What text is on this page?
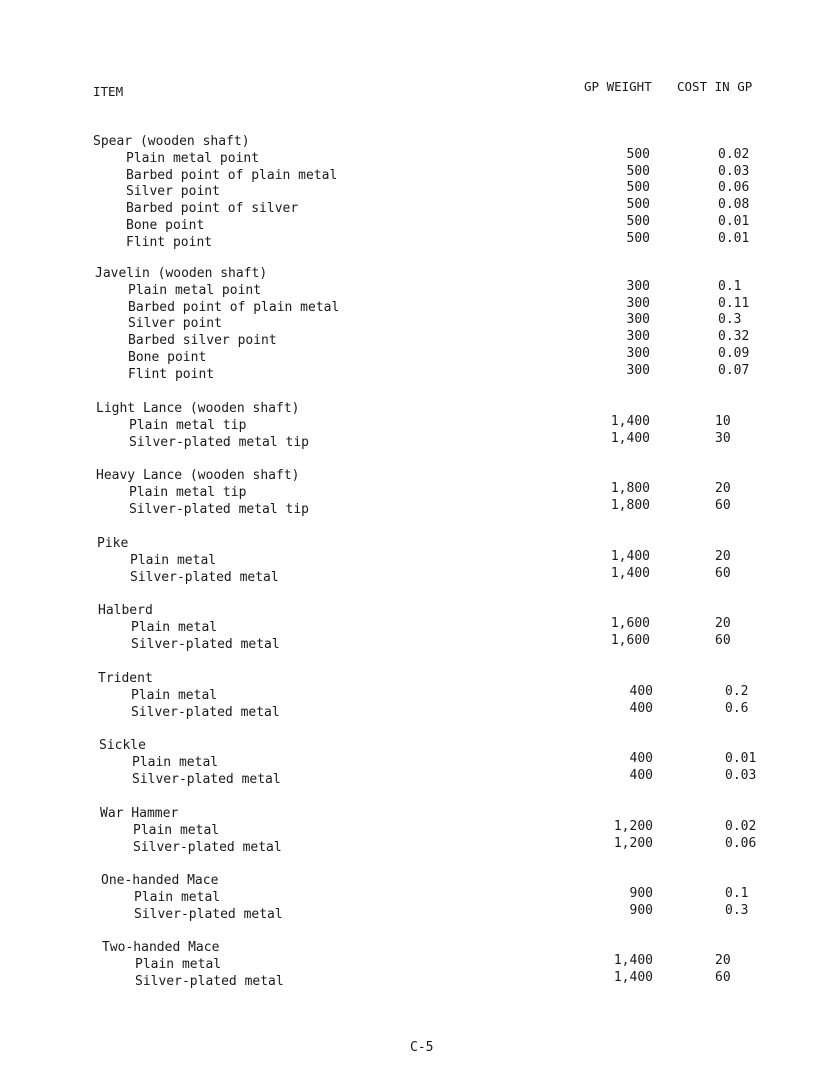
ITEM	GP WEIGHT COST IN GP
Spear (wooden shaft)
Plain metal point	500	0.02
Barbed point of plain metal	500	0.03
Silver point	500	0.06
Barbed point of silver	500	0.08
Bone point	500	0.01
Flint point	500	0.01
Javelin (wooden shaft)
Plain metal point	300	0.1
Barbed point of plain metal	300	0.11
Silver point	300	0.3
Barbed silver point	300	0.32
Bone point	300	0.09
Flint point	300	0.07
Light Lance (wooden shaft)
Plain metal tip	1,400	10
Silver-plated metal tip	1,400	30
Heavy Lance (wooden shaft)
Plain metal tip	1,800	20
Silver-plated metal tip	1,800	60
Pike
Plain metal	1,400	20
Silver-plated metal	1,400	60
Halberd
Plain metal	1,600	20
Silver-plated metal	1,600	60
Trident
Plain metal	400	0.2
Silver-plated metal	400	0.6
Sickle
Plain metal	400	0.01
Silver-plated metal	400	0.03
War Hammer
Plain metal	1,200	0.02
Silver-plated metal	1,200	0.06
One-handed Mace
Plain metal	900	0.1
Silver-plated metal	900	0.3
Two-handed Mace
Plain metal	1,400	20
Silver-plated metal	1,400	60
C-5
